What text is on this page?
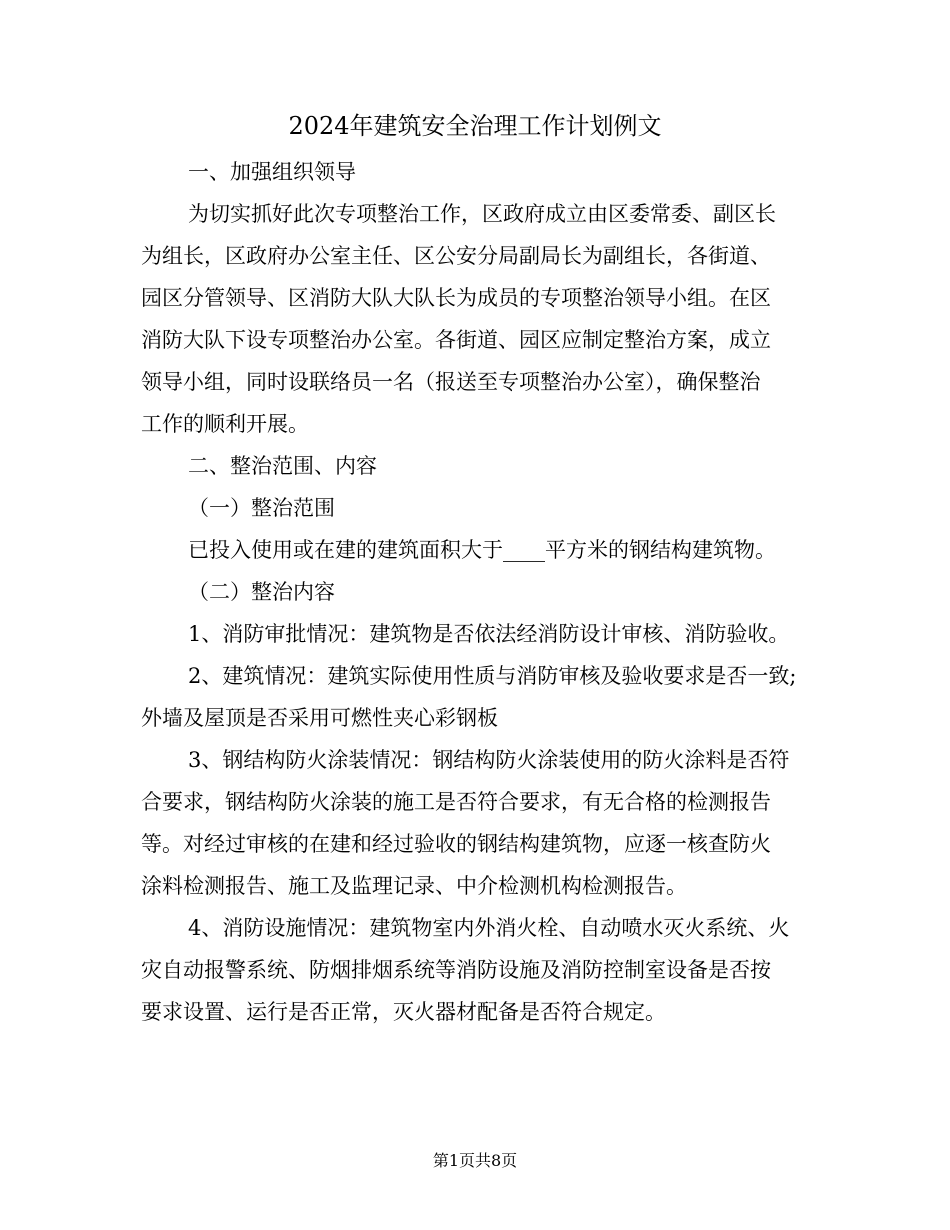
2024年建筑安全治理工作计划例文

一、加强组织领导

为切实抓好此次专项整治工作，区政府成立由区委常委、副区长

为组长，区政府办公室主任、区公安分局副局长为副组长，各街道、

园区分管领导、区消防大队大队长为成员的专项整治领导小组。在区

消防大队下设专项整治办公室。各街道、园区应制定整治方案，成立

领导小组，同时设联络员一名（报送至专项整治办公室），确保整治

工作的顺利开展。

二、整治范围、内容

（一）整治范围

已投入使用或在建的建筑面积大于____平方米的钢结构建筑物。

（二）整治内容

1、消防审批情况：建筑物是否依法经消防设计审核、消防验收。

2、建筑情况：建筑实际使用性质与消防审核及验收要求是否一致;

外墙及屋顶是否采用可燃性夹心彩钢板

3、钢结构防火涂装情况：钢结构防火涂装使用的防火涂料是否符

合要求，钢结构防火涂装的施工是否符合要求，有无合格的检测报告

等。对经过审核的在建和经过验收的钢结构建筑物，应逐一核查防火

涂料检测报告、施工及监理记录、中介检测机构检测报告。

4、消防设施情况：建筑物室内外消火栓、自动喷水灭火系统、火

灾自动报警系统、防烟排烟系统等消防设施及消防控制室设备是否按

要求设置、运行是否正常，灭火器材配备是否符合规定。

第1页共8页
